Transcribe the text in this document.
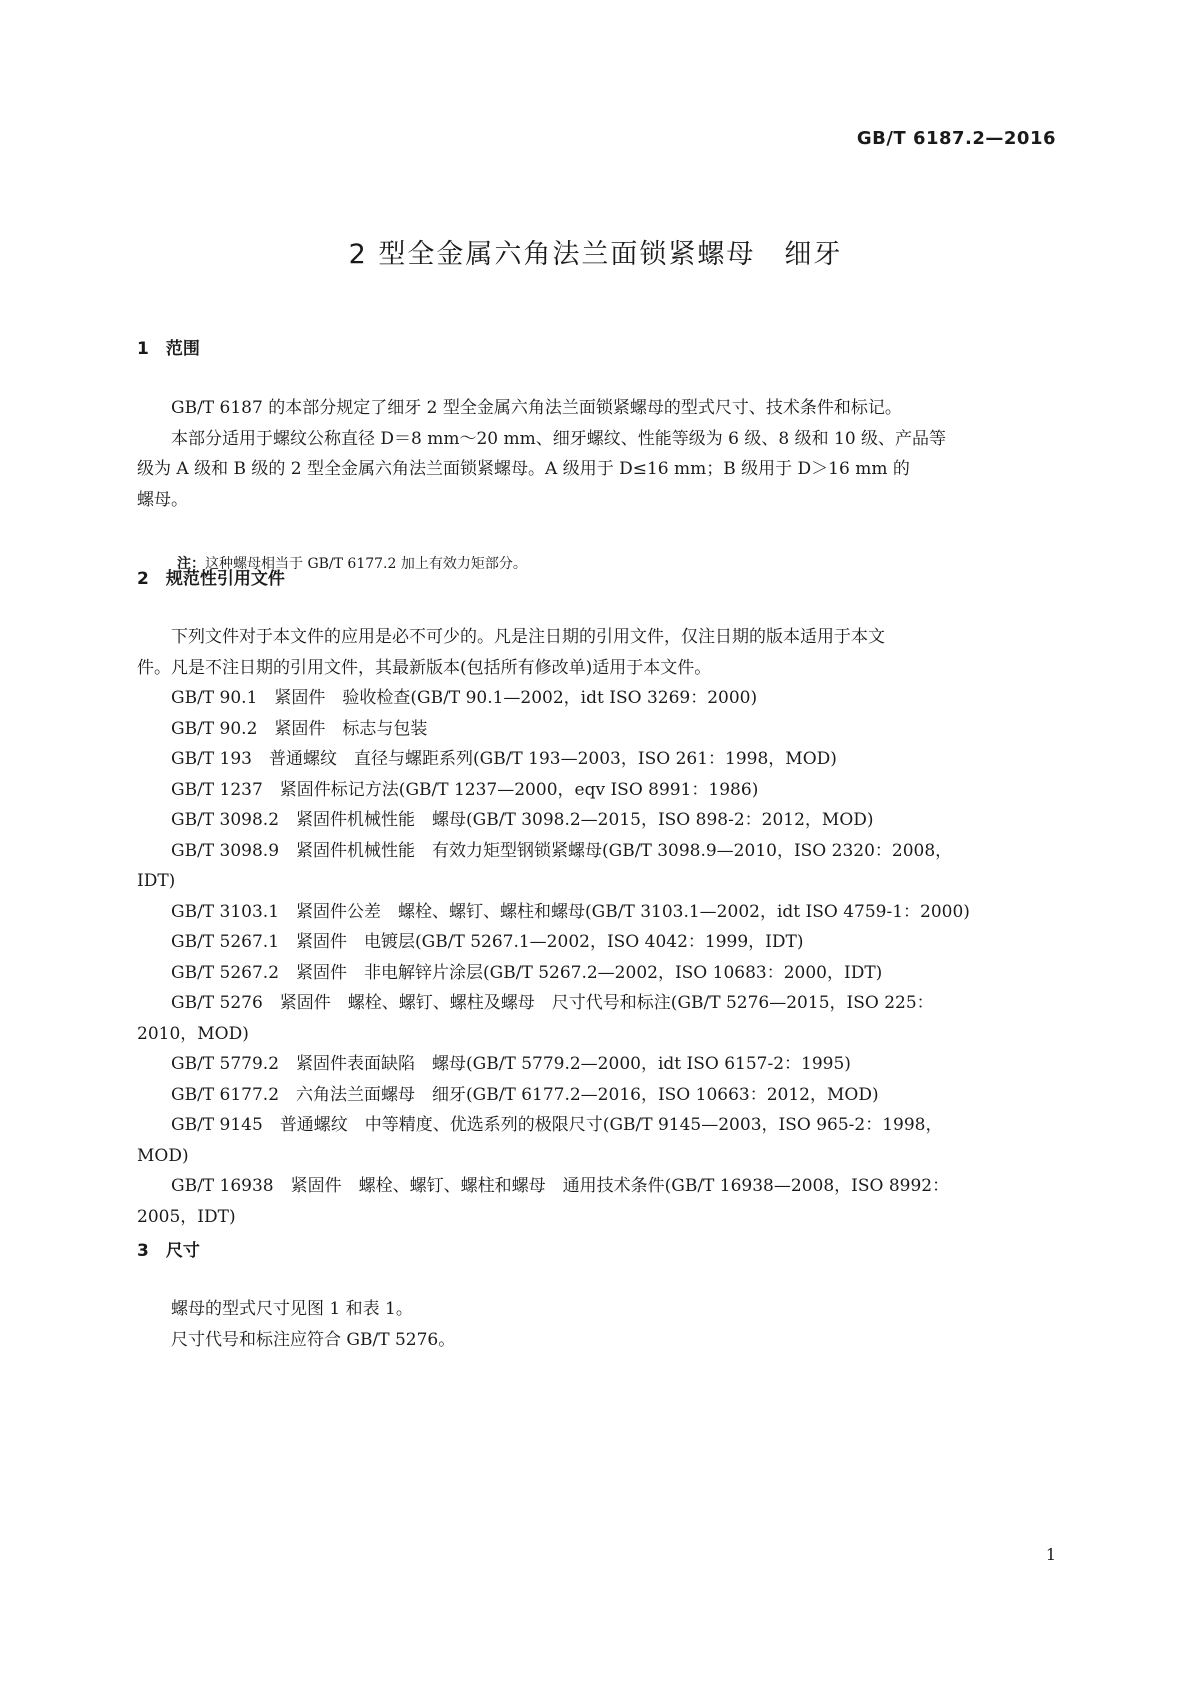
GB/T 6187.2—2016
2 型全金属六角法兰面锁紧螺母　细牙
1　范围
　　GB/T 6187 的本部分规定了细牙 2 型全金属六角法兰面锁紧螺母的型式尺寸、技术条件和标记。
　　本部分适用于螺纹公称直径 D＝8 mm～20 mm、细牙螺纹、性能等级为 6 级、8 级和 10 级、产品等
级为 A 级和 B 级的 2 型全金属六角法兰面锁紧螺母。A 级用于 D≤16 mm；B 级用于 D＞16 mm 的
螺母。
注：这种螺母相当于 GB/T 6177.2 加上有效力矩部分。
2　规范性引用文件
　　下列文件对于本文件的应用是必不可少的。凡是注日期的引用文件，仅注日期的版本适用于本文
件。凡是不注日期的引用文件，其最新版本(包括所有修改单)适用于本文件。
　　GB/T 90.1　紧固件　验收检查(GB/T 90.1—2002，idt ISO 3269：2000)
　　GB/T 90.2　紧固件　标志与包装
　　GB/T 193　普通螺纹　直径与螺距系列(GB/T 193—2003，ISO 261：1998，MOD)
　　GB/T 1237　紧固件标记方法(GB/T 1237—2000，eqv ISO 8991：1986)
　　GB/T 3098.2　紧固件机械性能　螺母(GB/T 3098.2—2015，ISO 898-2：2012，MOD)
　　GB/T 3098.9　紧固件机械性能　有效力矩型钢锁紧螺母(GB/T 3098.9—2010，ISO 2320：2008，
IDT)
　　GB/T 3103.1　紧固件公差　螺栓、螺钉、螺柱和螺母(GB/T 3103.1—2002，idt ISO 4759-1：2000)
　　GB/T 5267.1　紧固件　电镀层(GB/T 5267.1—2002，ISO 4042：1999，IDT)
　　GB/T 5267.2　紧固件　非电解锌片涂层(GB/T 5267.2—2002，ISO 10683：2000，IDT)
　　GB/T 5276　紧固件　螺栓、螺钉、螺柱及螺母　尺寸代号和标注(GB/T 5276—2015，ISO 225：
2010，MOD)
　　GB/T 5779.2　紧固件表面缺陷　螺母(GB/T 5779.2—2000，idt ISO 6157-2：1995)
　　GB/T 6177.2　六角法兰面螺母　细牙(GB/T 6177.2—2016，ISO 10663：2012，MOD)
　　GB/T 9145　普通螺纹　中等精度、优选系列的极限尺寸(GB/T 9145—2003，ISO 965-2：1998，
MOD)
　　GB/T 16938　紧固件　螺栓、螺钉、螺柱和螺母　通用技术条件(GB/T 16938—2008，ISO 8992：
2005，IDT)
3　尺寸
　　螺母的型式尺寸见图 1 和表 1。
　　尺寸代号和标注应符合 GB/T 5276。
1
